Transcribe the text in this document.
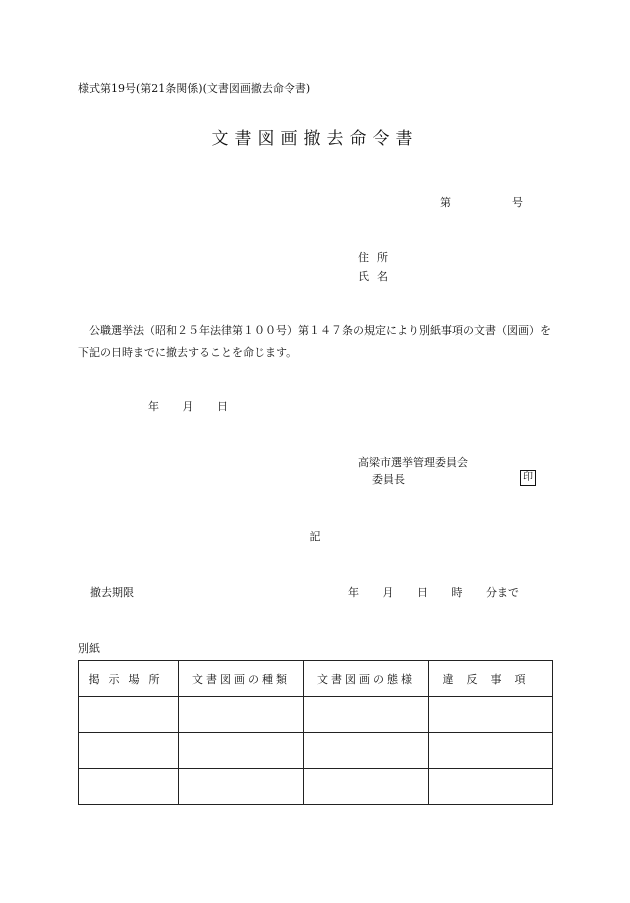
様式第19号(第21条関係)(文書図画撤去命令書)
文書図画撤去命令書
第	号
住所
氏名
公職選挙法（昭和２５年法律第１００号）第１４７条の規定により別紙事項の文書（図画）を下記の日時までに撤去することを命じます。
年 月 日
高梁市選挙管理委員会
委員長	印
記
撤去期限	年 月 日 時 分まで
別紙
掲示場所	文書図画の種類	文書図画の態様	違反事項
